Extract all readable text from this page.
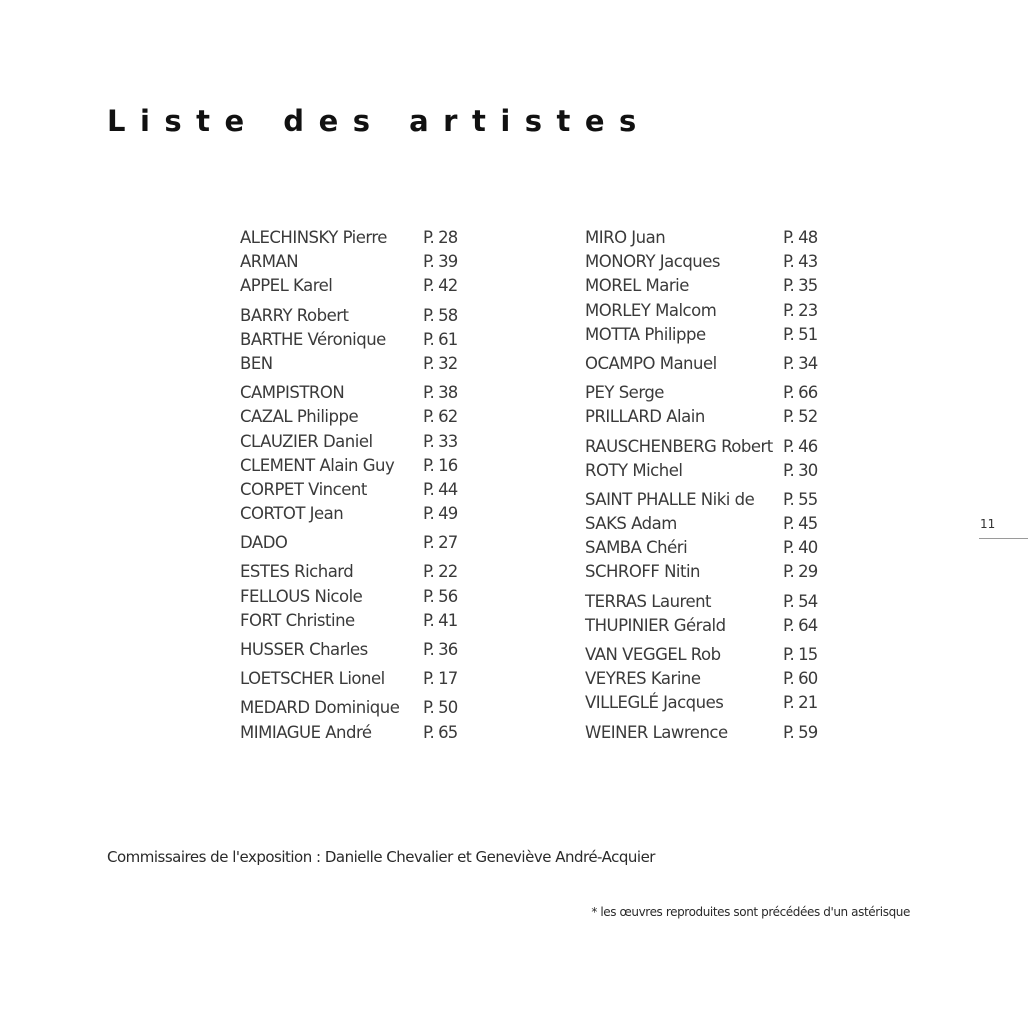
Liste des artistes
ALECHINSKY Pierre P. 28
ARMAN	P. 39
APPEL Karel	P. 42
BARRY Robert	P. 58
BARTHE Véronique P. 61
BEN	P. 32
CAMPISTRON	P. 38
CAZAL Philippe	P. 62
CLAUZIER Daniel	P. 33
CLEMENT Alain Guy P. 16
CORPET Vincent	P. 44
CORTOT Jean	P. 49
DADO	P. 27
ESTES Richard	P. 22
FELLOUS Nicole	P. 56
FORT Christine	P. 41
HUSSER Charles	P. 36
LOETSCHER Lionel P. 17
MEDARD Dominique P. 50
MIMIAGUE André	P. 65
MIRO Juan	P. 48
MONORY Jacques	P. 43
MOREL Marie	P. 35
MORLEY Malcom	P. 23
MOTTA Philippe	P. 51
OCAMPO Manuel	P. 34
PEY Serge	P. 66
PRILLARD Alain	P. 52
RAUSCHENBERG Robert P. 46
ROTY Michel	P. 30
SAINT PHALLE Niki de P. 55
SAKS Adam	P. 45
SAMBA Chéri	P. 40
SCHROFF Nitin	P. 29
TERRAS Laurent	P. 54
THUPINIER Gérald	P. 64
VAN VEGGEL Rob	P. 15
VEYRES Karine	P. 60
VILLEGLÉ Jacques	P. 21
WEINER Lawrence	P. 59
11

Commissaires de l'exposition : Danielle Chevalier et Geneviève André-Acquier

* les œuvres reproduites sont précédées d'un astérisque
